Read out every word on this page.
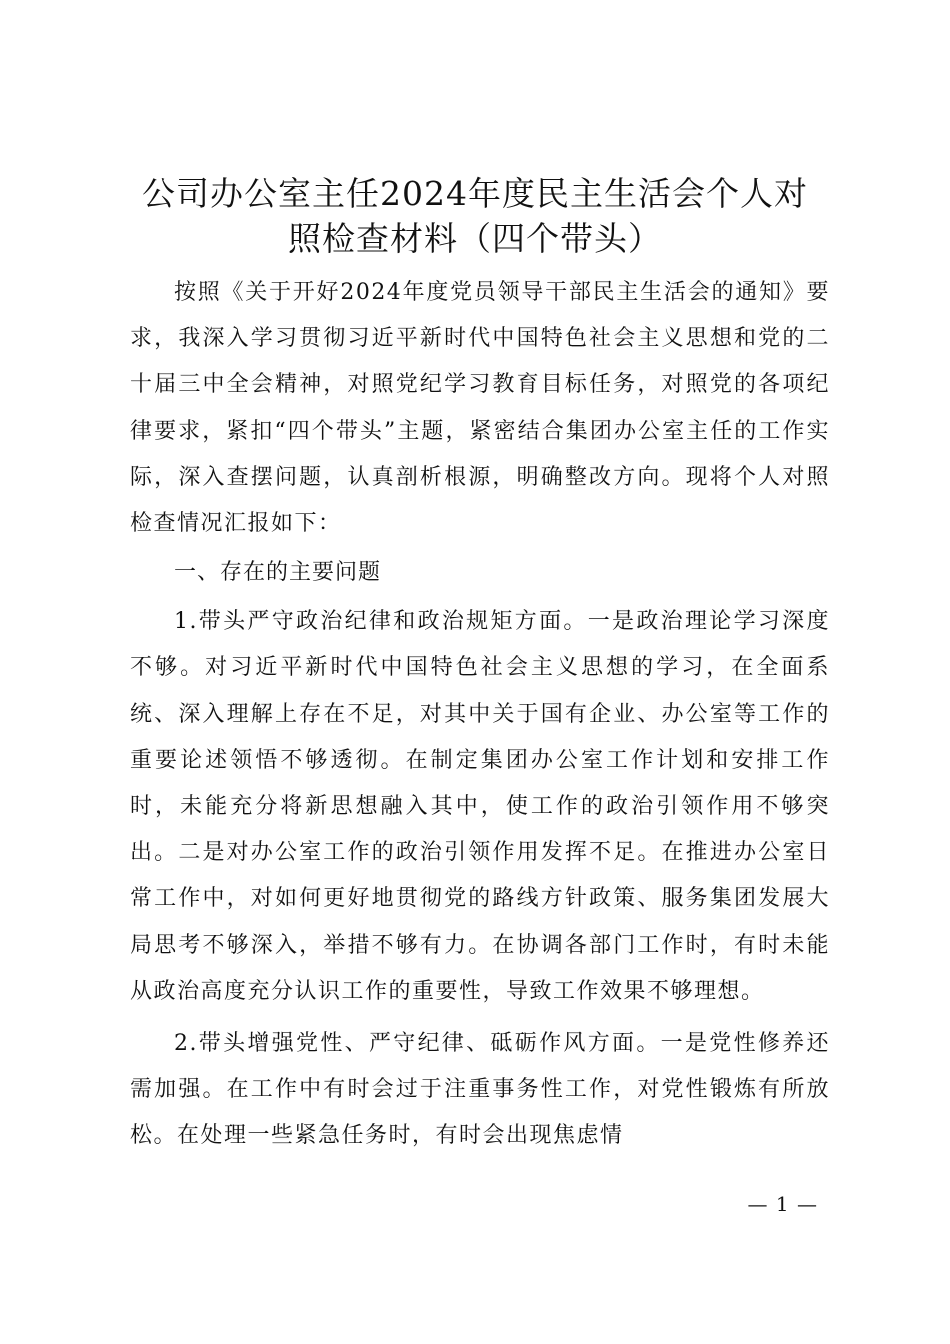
公司办公室主任2024年度民主生活会个人对
照检查材料（四个带头）

按照《关于开好2024年度党员领导干部民主生活会的通知》要求，我深入学习贯彻习近平新时代中国特色社会主义思想和党的二十届三中全会精神，对照党纪学习教育目标任务，对照党的各项纪律要求，紧扣“四个带头”主题，紧密结合集团办公室主任的工作实际，深入查摆问题，认真剖析根源，明确整改方向。现将个人对照检查情况汇报如下：

一、存在的主要问题

1.带头严守政治纪律和政治规矩方面。一是政治理论学习深度不够。对习近平新时代中国特色社会主义思想的学习，在全面系统、深入理解上存在不足，对其中关于国有企业、办公室等工作的重要论述领悟不够透彻。在制定集团办公室工作计划和安排工作时，未能充分将新思想融入其中，使工作的政治引领作用不够突出。二是对办公室工作的政治引领作用发挥不足。在推进办公室日常工作中，对如何更好地贯彻党的路线方针政策、服务集团发展大局思考不够深入，举措不够有力。在协调各部门工作时，有时未能从政治高度充分认识工作的重要性，导致工作效果不够理想。

2.带头增强党性、严守纪律、砥砺作风方面。一是党性修养还需加强。在工作中有时会过于注重事务性工作，对党性锻炼有所放松。在处理一些紧急任务时，有时会出现焦虑情

— 1 —
